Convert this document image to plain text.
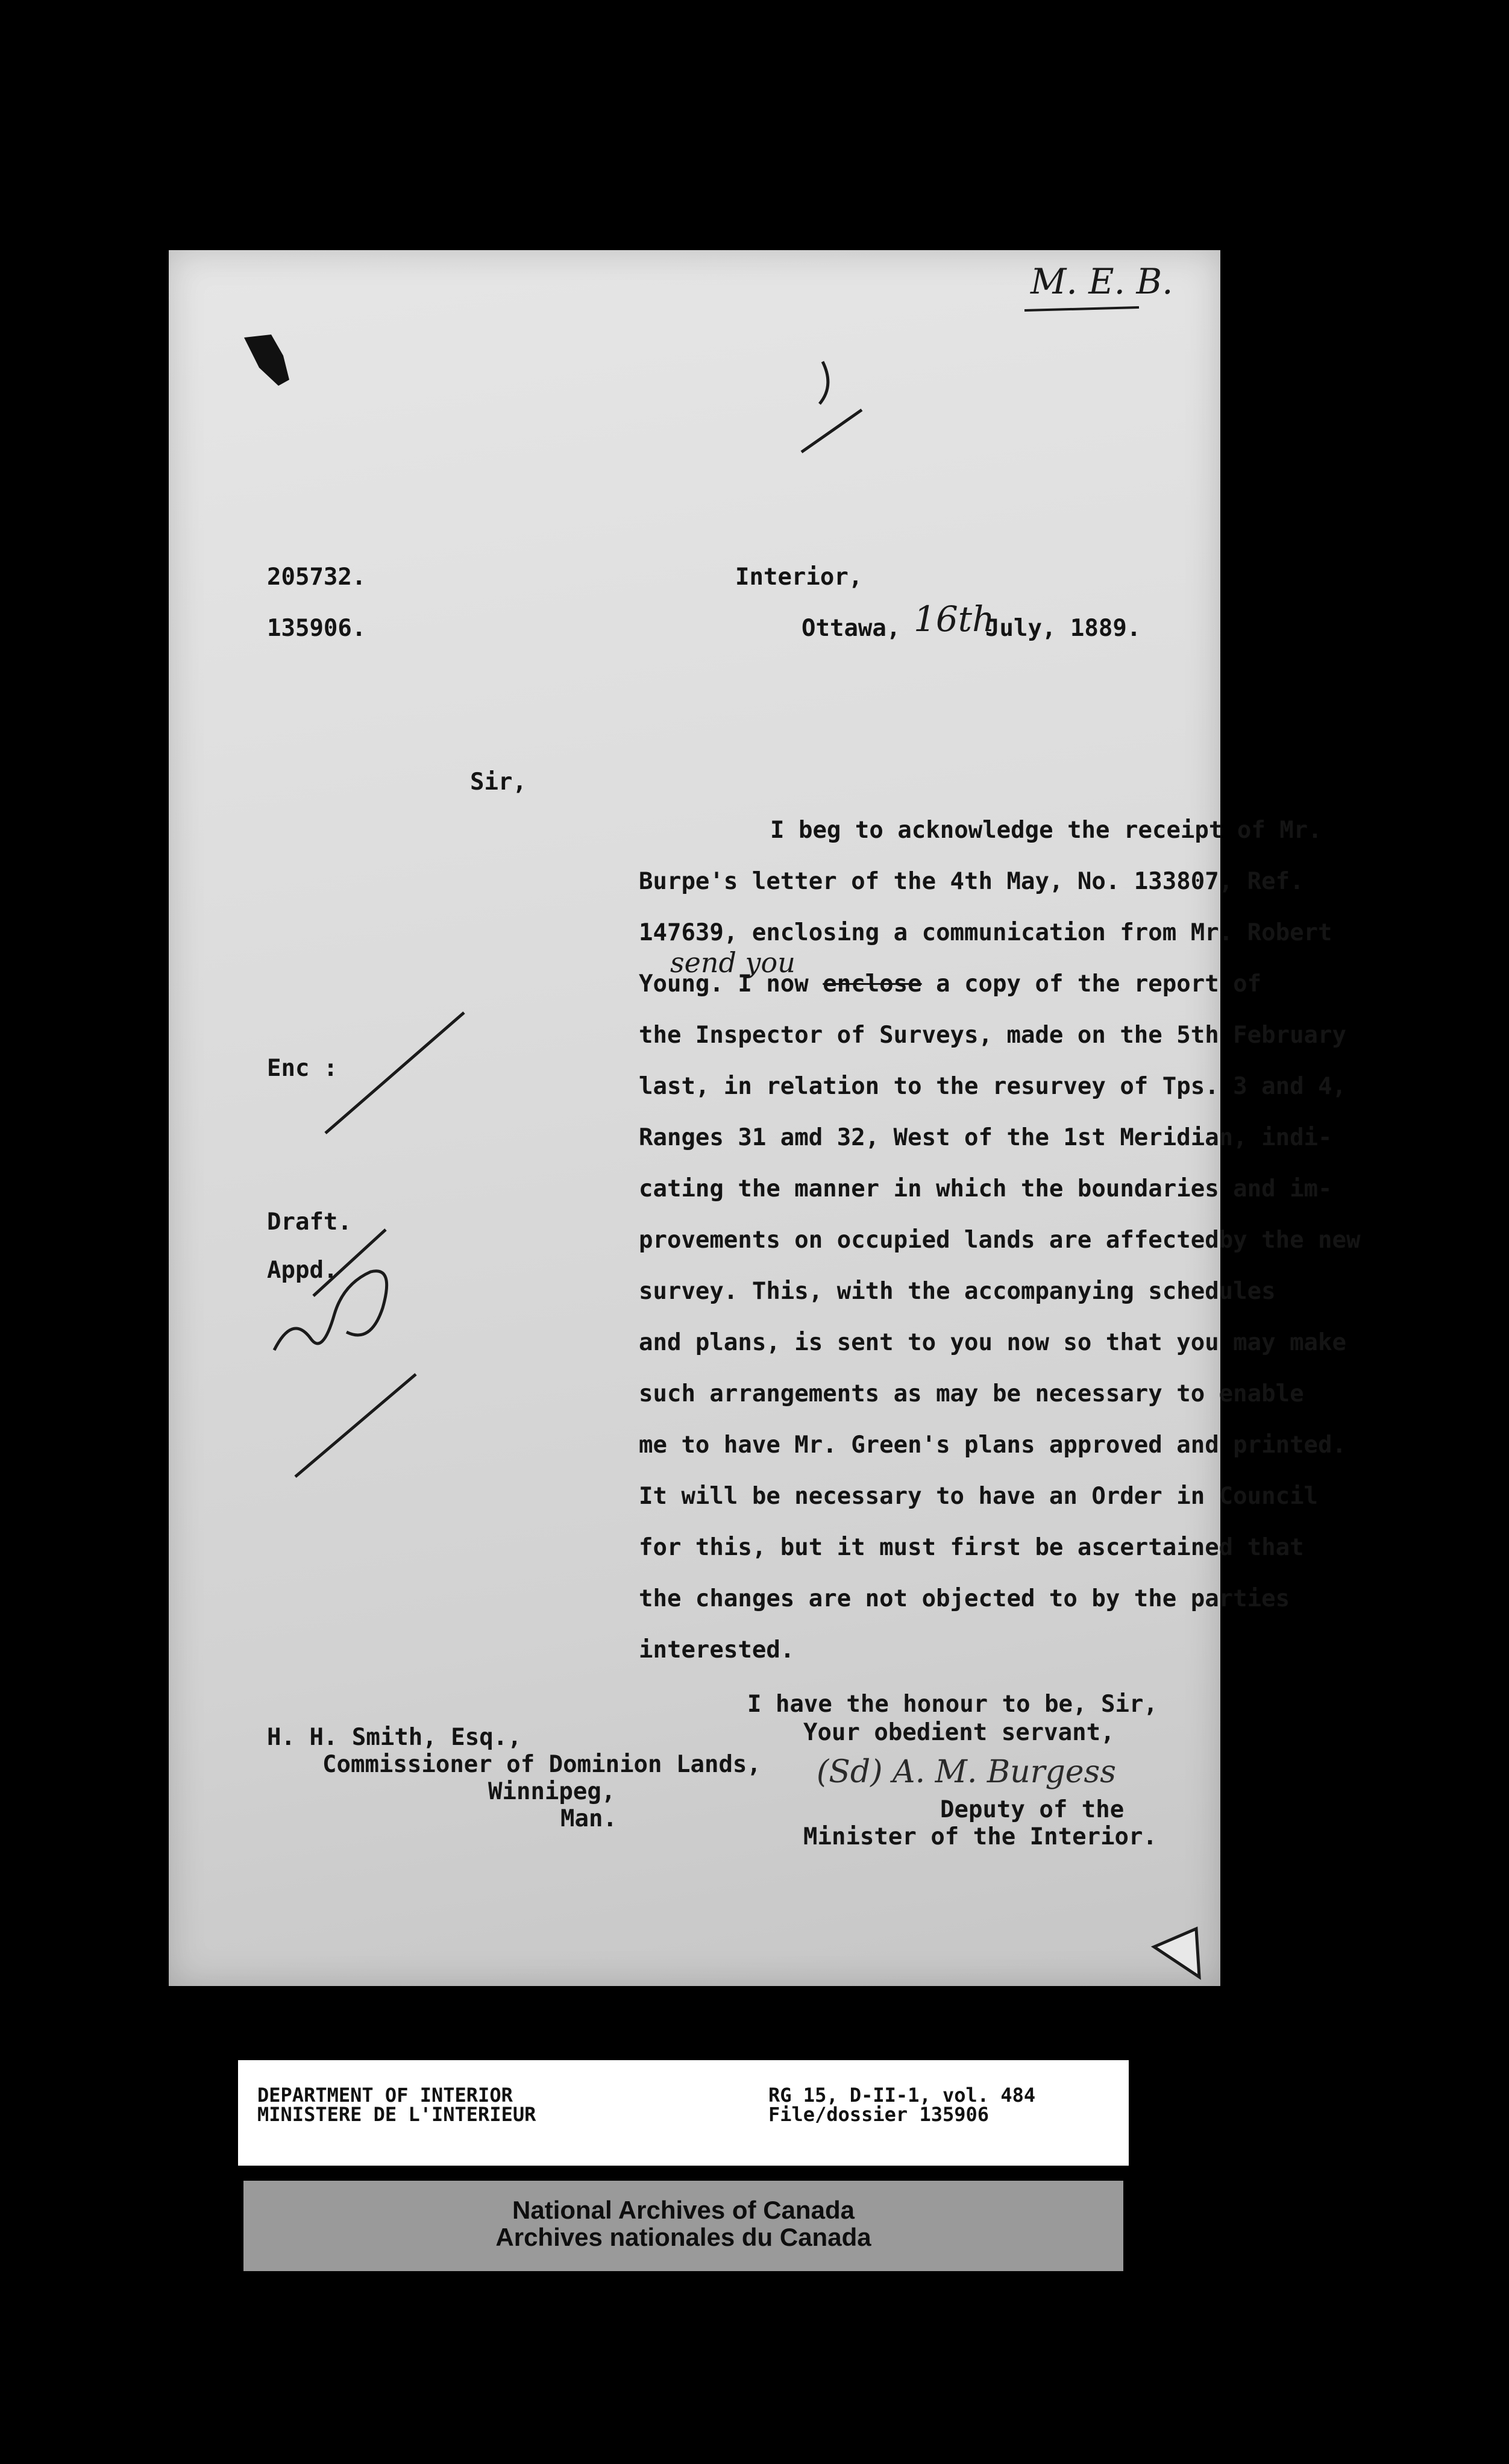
M. E. B.
205732.
135906.
Interior,
Ottawa, 16th
July, 1889.
Sir,
Enc :
Draft.
Appd.
send you
I beg to acknowledge the receipt of Mr.
Burpe's letter of the 4th May, No. 133807, Ref.
147639, enclosing a communication from Mr. Robert
Young. I now enclose a copy of the report of
the Inspector of Surveys, made on the 5th February
last, in relation to the resurvey of Tps. 3 and 4,
Ranges 31 amd 32, West of the 1st Meridian, indi-
cating the manner in which the boundaries and im-
provements on occupied lands are affectedby the new
survey. This, with the accompanying schedules
and plans, is sent to you now so that you may make
such arrangements as may be necessary to enable
me to have Mr. Green's plans approved and printed.
It will be necessary to have an Order in Council
for this, but it must first be ascertained that
the changes are not objected to by the parties
interested.
I have the honour to be, Sir,
Your obedient servant,
(Sd) A. M. Burgess
Deputy of the
Minister of the Interior.
H. H. Smith, Esq.,
Commissioner of Dominion Lands,
Winnipeg,
Man.
DEPARTMENT OF INTERIOR
MINISTERE DE L'INTERIEUR
RG 15, D-II-1, vol. 484
File/dossier 135906
National Archives of Canada
Archives nationales du Canada
